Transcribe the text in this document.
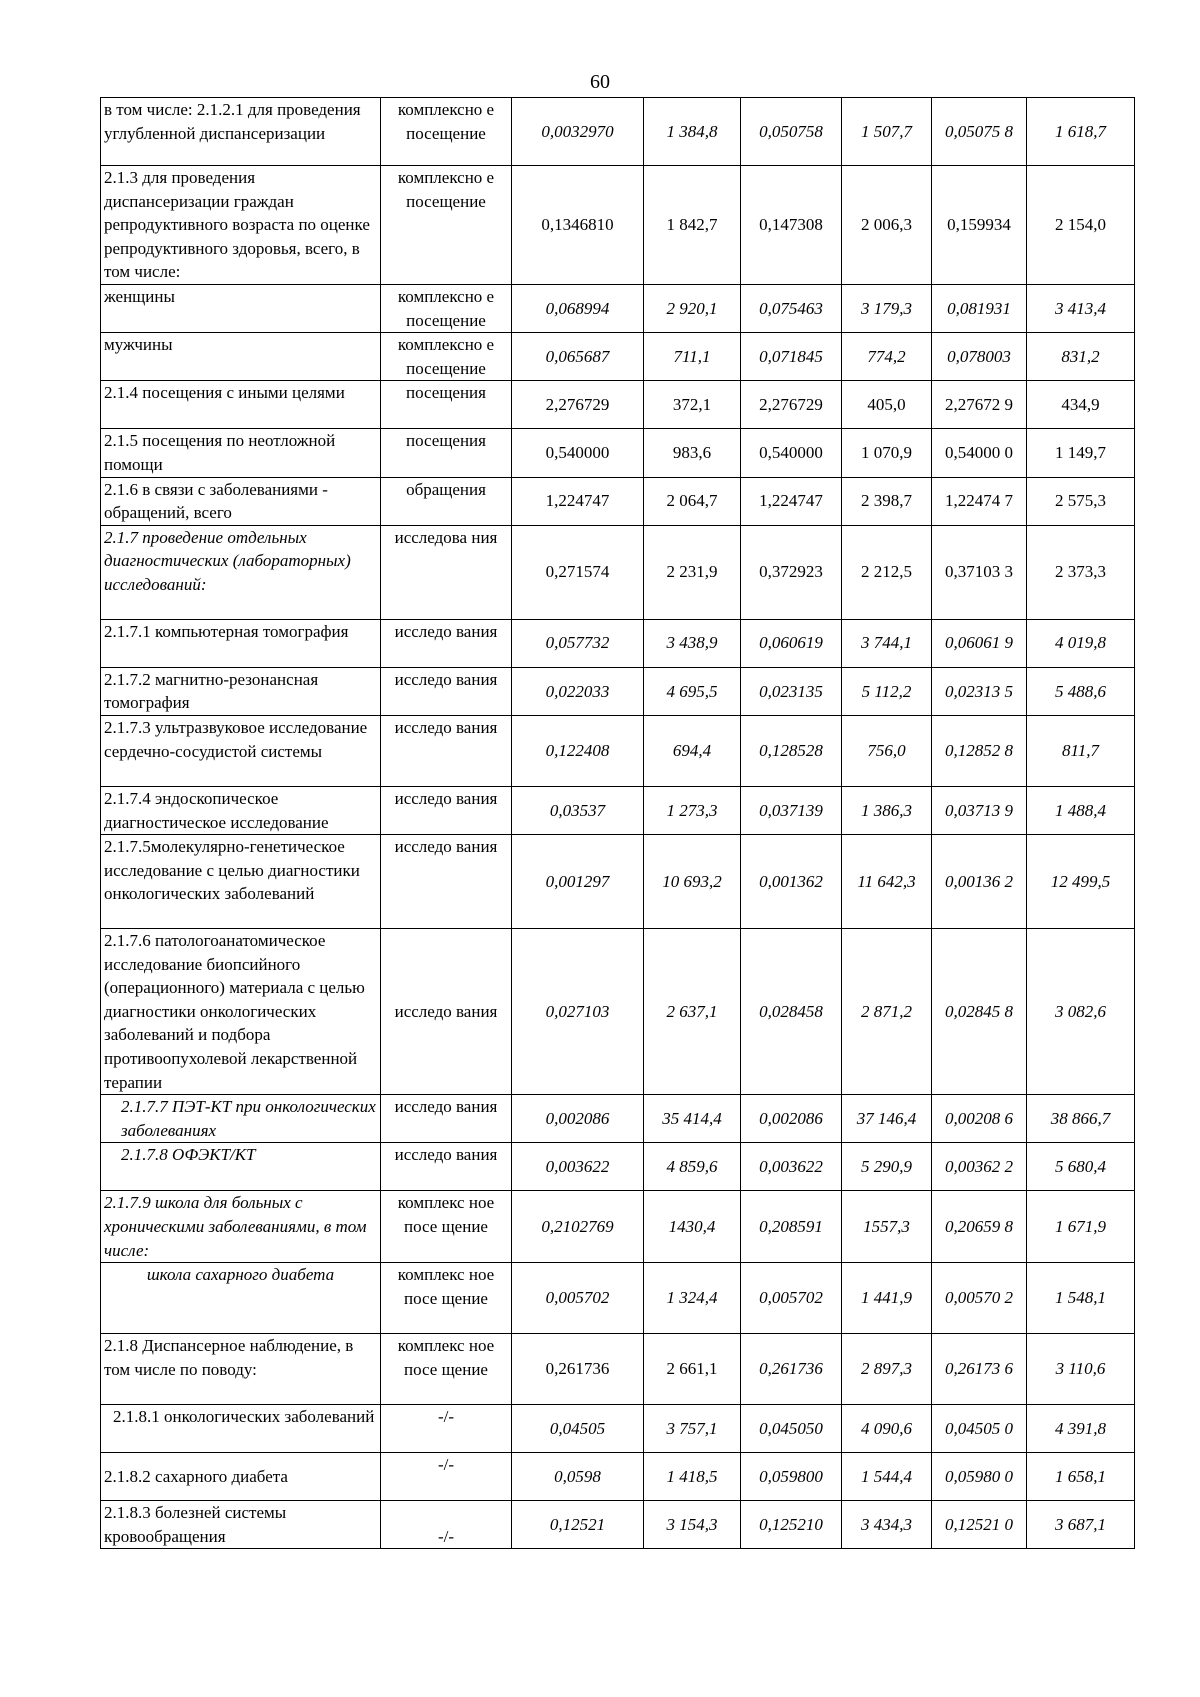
60
в том числе: 2.1.2.1 для проведения углубленной диспансеризации	комплексно е посещение	0,0032970	1 384,8	0,050758	1 507,7	0,05075 8	1 618,7
2.1.3 для проведения диспансеризации граждан репродуктивного возраста по оценке репродуктивного здоровья, всего, в том числе:	комплексно е посещение	0,1346810	1 842,7	0,147308	2 006,3	0,159934	2 154,0
женщины	комплексно е посещение	0,068994	2 920,1	0,075463	3 179,3	0,081931	3 413,4
мужчины	комплексно е посещение	0,065687	711,1	0,071845	774,2	0,078003	831,2
2.1.4 посещения с иными целями	посещения	2,276729	372,1	2,276729	405,0	2,27672 9	434,9
2.1.5 посещения по неотложной помощи	посещения	0,540000	983,6	0,540000	1 070,9	0,54000 0	1 149,7
2.1.6 в связи с заболеваниями - обращений, всего	обращения	1,224747	2 064,7	1,224747	2 398,7	1,22474 7	2 575,3
2.1.7 проведение отдельных диагностических (лабораторных) исследований:	исследова ния	0,271574	2 231,9	0,372923	2 212,5	0,37103 3	2 373,3
2.1.7.1 компьютерная томография	исследо вания	0,057732	3 438,9	0,060619	3 744,1	0,06061 9	4 019,8
2.1.7.2 магнитно-резонансная томография	исследо вания	0,022033	4 695,5	0,023135	5 112,2	0,02313 5	5 488,6
2.1.7.3 ультразвуковое исследование сердечно-сосудистой системы	исследо вания	0,122408	694,4	0,128528	756,0	0,12852 8	811,7
2.1.7.4 эндоскопическое диагностическое исследование	исследо вания	0,03537	1 273,3	0,037139	1 386,3	0,03713 9	1 488,4
2.1.7.5молекулярно-генетическое исследование с целью диагностики онкологических заболеваний	исследо вания	0,001297	10 693,2	0,001362	11 642,3	0,00136 2	12 499,5
2.1.7.6 патологоанатомическое исследование биопсийного (операционного) материала с целью диагностики онкологических заболеваний и подбора противоопухолевой лекарственной терапии	исследо вания	0,027103	2 637,1	0,028458	2 871,2	0,02845 8	3 082,6
2.1.7.7 ПЭТ-КТ при онкологических заболеваниях	исследо вания	0,002086	35 414,4	0,002086	37 146,4	0,00208 6	38 866,7
2.1.7.8 ОФЭКТ/КТ	исследо вания	0,003622	4 859,6	0,003622	5 290,9	0,00362 2	5 680,4
2.1.7.9 школа для больных с хроническими заболеваниями, в том числе:	комплекс ное посе щение	0,2102769	1430,4	0,208591	1557,3	0,20659 8	1 671,9
школа сахарного диабета	комплекс ное посе щение	0,005702	1 324,4	0,005702	1 441,9	0,00570 2	1 548,1
2.1.8 Диспансерное наблюдение, в том числе по поводу:	комплекс ное посе щение	0,261736	2 661,1	0,261736	2 897,3	0,26173 6	3 110,6
2.1.8.1 онкологических заболеваний	-/-	0,04505	3 757,1	0,045050	4 090,6	0,04505 0	4 391,8
2.1.8.2 сахарного диабета	-/-	0,0598	1 418,5	0,059800	1 544,4	0,05980 0	1 658,1
2.1.8.3 болезней системы кровообращения	-/-	0,12521	3 154,3	0,125210	3 434,3	0,12521 0	3 687,1
